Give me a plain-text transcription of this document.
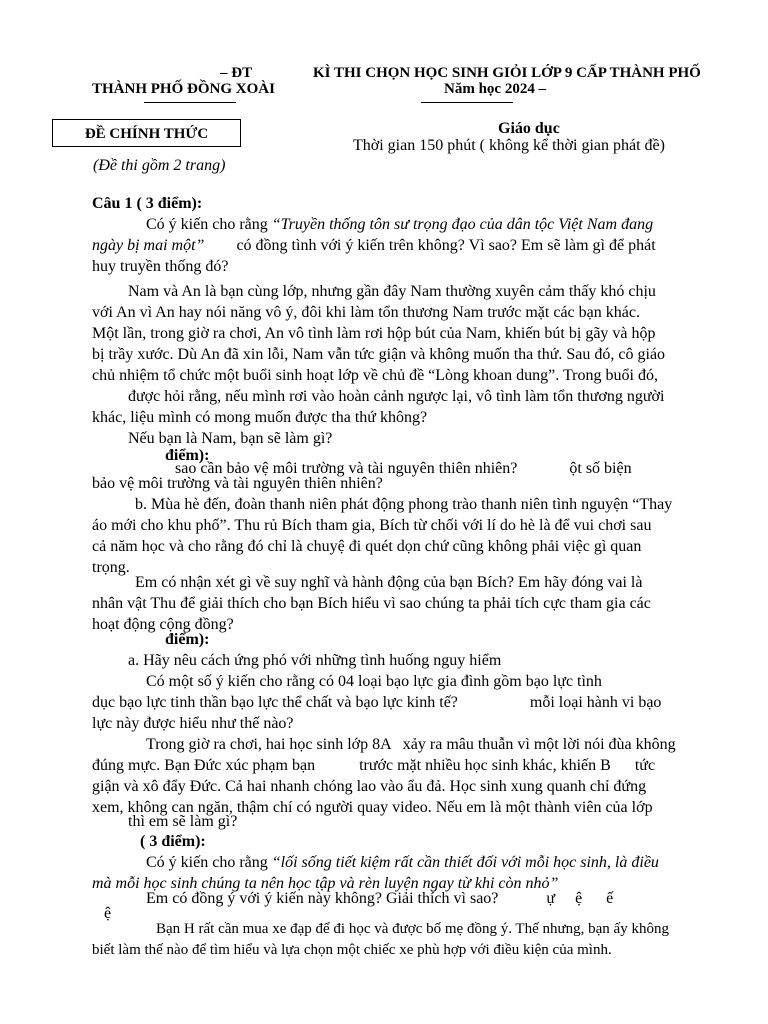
– ĐT
THÀNH PHỐ ĐỒNG XOÀI
KÌ THI CHỌN HỌC SINH GIỎI LỚP 9 CẤP THÀNH PHỐ
Năm học 2024 –
ĐỀ CHÍNH THỨC
(Đề thi gồm 2 trang)
Giáo dục
Thời gian 150 phút ( không kể thời gian phát đề)
Câu 1 ( 3 điểm):
Có ý kiến cho rằng “Truyền thống tôn sư trọng đạo của dân tộc Việt Nam đang
ngày bị mai một”        có đồng tình với ý kiến trên không? Vì sao? Em sẽ làm gì để phát
huy truyền thống đó?
Nam và An là bạn cùng lớp, nhưng gần đây Nam thường xuyên cảm thấy khó chịu
với An vì An hay nói năng vô ý, đôi khi làm tổn thương Nam trước mặt các bạn khác.
Một lần, trong giờ ra chơi, An vô tình làm rơi hộp bút của Nam, khiến bút bị gãy và hộp
bị trầy xước. Dù An đã xin lỗi, Nam vẫn tức giận và không muốn tha thứ. Sau đó, cô giáo
chủ nhiệm tổ chức một buổi sinh hoạt lớp về chủ đề “Lòng khoan dung”. Trong buổi đó,
được hỏi rằng, nếu mình rơi vào hoàn cảnh ngược lại, vô tình làm tổn thương người
khác, liệu mình có mong muốn được tha thứ không?
Nếu bạn là Nam, bạn sẽ làm gì?
điểm):
sao cần bảo vệ môi trường và tài nguyên thiên nhiên?             ột số biện
bảo vệ môi trường và tài nguyên thiên nhiên?
b. Mùa hè đến, đoàn thanh niên phát động phong trào thanh niên tình nguyện “Thay
áo mới cho khu phố”. Thu rủ Bích tham gia, Bích từ chối với lí do hè là để vui chơi sau
cả năm học và cho rằng đó chỉ là chuyệ đi quét dọn chứ cũng không phải việc gì quan
trọng.
Em có nhận xét gì về suy nghĩ và hành động của bạn Bích? Em hãy đóng vai là
nhân vật Thu để giải thích cho bạn Bích hiểu vì sao chúng ta phải tích cực tham gia các
hoạt động cộng đồng?
điểm):
a. Hãy nêu cách ứng phó với những tình huống nguy hiểm
Có một số ý kiến cho rằng có 04 loại bạo lực gia đình gồm bạo lực tình
dục bạo lực tinh thần bạo lực thể chất và bạo lực kinh tế?                  mỗi loại hành vi bạo
lực này được hiểu như thế nào?
Trong giờ ra chơi, hai học sinh lớp 8A   xảy ra mâu thuẫn vì một lời nói đùa không
đúng mực. Bạn Đức xúc phạm bạn           trước mặt nhiều học sinh khác, khiến B      tức
giận và xô đẩy Đức. Cả hai nhanh chóng lao vào ẩu đả. Học sinh xung quanh chỉ đứng
xem, không can ngăn, thậm chí có người quay video. Nếu em là một thành viên của lớp
thì em sẽ làm gì?
( 3 điểm):
Có ý kiến cho rằng “lối sống tiết kiệm rất cần thiết đối với mỗi học sinh, là điều
mà mỗi học sinh chúng ta nên học tập và rèn luyện ngay từ khi còn nhỏ”
Em có đồng ý với ý kiến này không? Giải thích vì sao?            ự     ệ      ế
ệ
Bạn H rất cần mua xe đạp để đi học và được bố mẹ đồng ý. Thế nhưng, bạn ấy không
biết làm thế nào để tìm hiểu và lựa chọn một chiếc xe phù hợp với điều kiện của mình.
